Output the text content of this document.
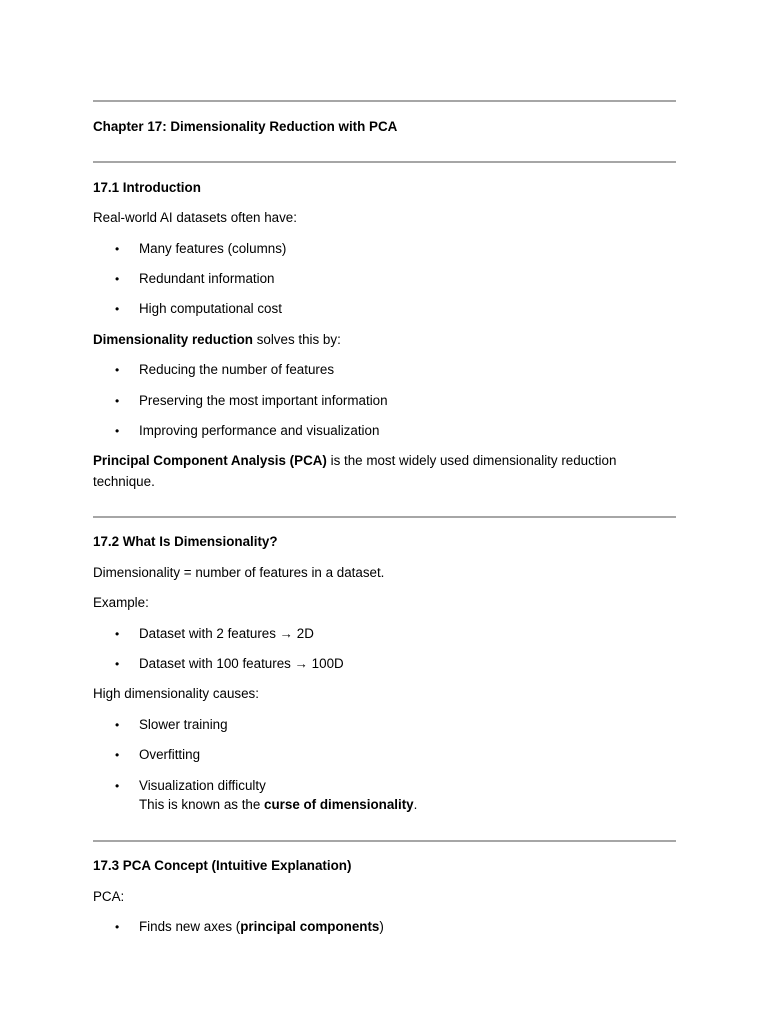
Chapter 17: Dimensionality Reduction with PCA
17.1 Introduction
Real-world AI datasets often have:
• Many features (columns)
• Redundant information
• High computational cost
Dimensionality reduction solves this by:
• Reducing the number of features
• Preserving the most important information
• Improving performance and visualization
Principal Component Analysis (PCA) is the most widely used dimensionality reduction technique.
17.2 What Is Dimensionality?
Dimensionality = number of features in a dataset.
Example:
• Dataset with 2 features → 2D
• Dataset with 100 features → 100D
High dimensionality causes:
• Slower training
• Overfitting
• Visualization difficulty
This is known as the curse of dimensionality.
17.3 PCA Concept (Intuitive Explanation)
PCA:
• Finds new axes (principal components)
